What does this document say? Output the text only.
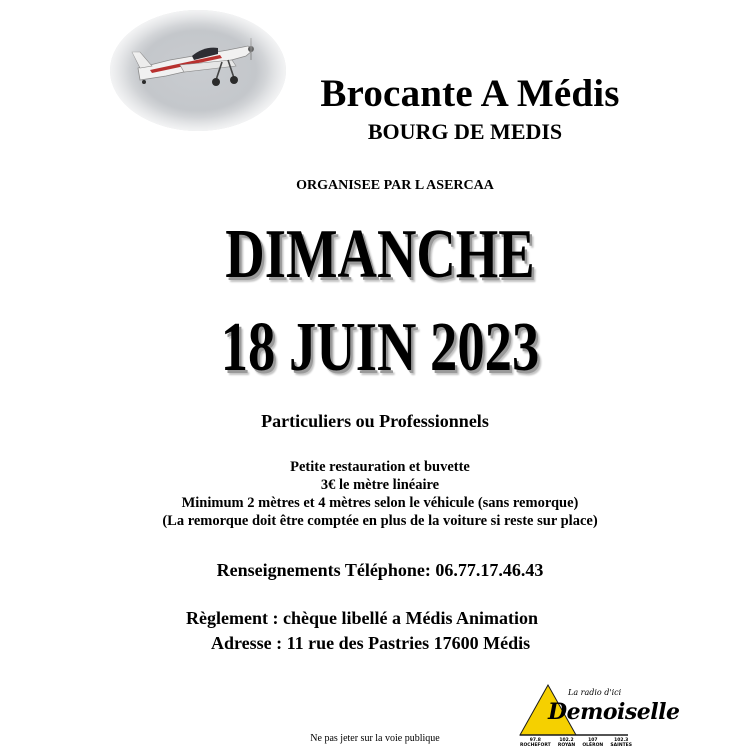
Brocante A Médis
BOURG DE MEDIS
ORGANISEE PAR L ASERCAA
DIMANCHE
18 JUIN 2023
Particuliers ou Professionnels
Petite restauration et buvette
3€ le mètre linéaire
Minimum 2 mètres et 4 mètres selon le véhicule (sans remorque)
(La remorque doit être comptée en plus de la voiture si reste sur place)
Renseignements Téléphone: 06.77.17.46.43
Règlement : chèque libellé a Médis Animation
Adresse : 11 rue des Pastries 17600 Médis
Ne pas jeter sur la voie publique
La radio d'ici
Demoiselle
97.8
ROCHEFORT
102.2
ROYAN
107
OLÉRON
102.3
SAINTES
